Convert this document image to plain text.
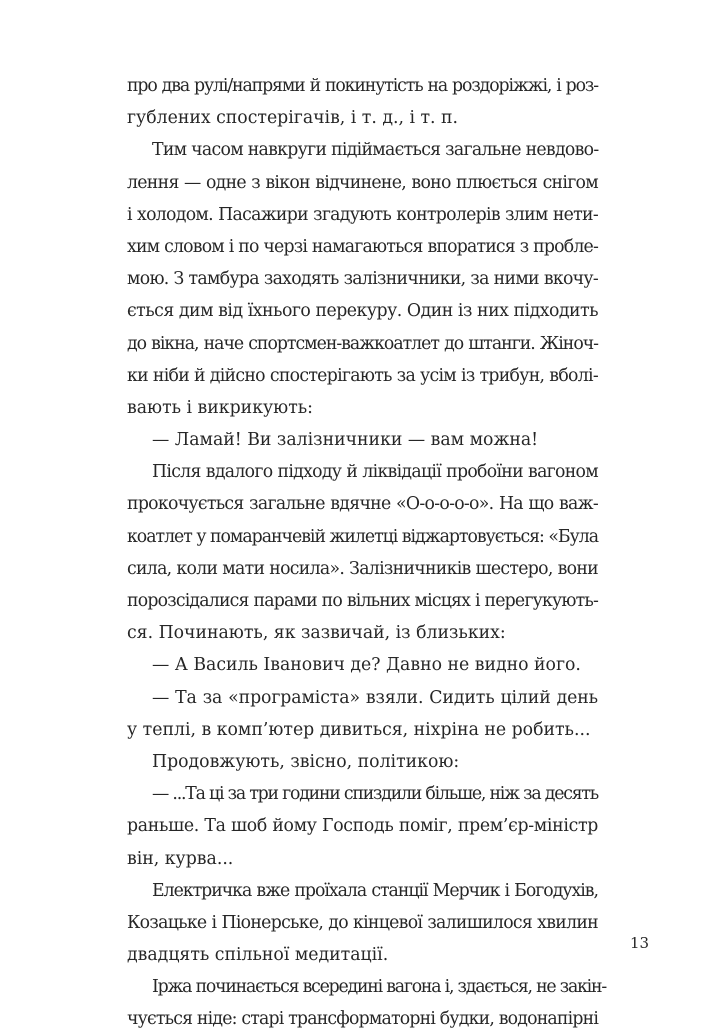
про два рулі/напрями й покинутість на роздоріжжі, і роз-
гублених спостерігачів, і т. д., і т. п.
Тим часом навкруги підіймається загальне невдово-
лення — одне з вікон відчинене, воно плюється снігом
і холодом. Пасажири згадують контролерів злим нети-
хим словом і по черзі намагаються впоратися з пробле-
мою. З тамбура заходять залізничники, за ними вкочу-
ється дим від їхнього перекуру. Один із них підходить
до вікна, наче спортсмен-важкоатлет до штанги. Жіноч-
ки ніби й дійсно спостерігають за усім із трибун, вболі-
вають і викрикують:
— Ламай! Ви залізничники — вам можна!
Після вдалого підходу й ліквідації пробоїни вагоном
прокочується загальне вдячне «О-о-о-о-о». На що важ-
коатлет у помаранчевій жилетці віджартовується: «Була
сила, коли мати носила». Залізничників шестеро, вони
порозсідалися парами по вільних місцях і перегукують-
ся. Починають, як зазвичай, із близьких:
— А Василь Іванович де? Давно не видно його.
— Та за «програміста» взяли. Сидить цілий день
у теплі, в комп’ютер дивиться, ніхріна не робить...
Продовжують, звісно, політикою:
— ...Та ці за три години спиздили більше, ніж за десять
раньше. Та шоб йому Господь поміг, прем’єр-міністр
він, курва...
Електричка вже проїхала станції Мерчик і Богодухів,
Козацьке і Піонерське, до кінцевої залишилося хвилин
двадцять спільної медитації.
Іржа починається всередині вагона і, здається, не закін-
чується ніде: старі трансформаторні будки, водонапірні
13
